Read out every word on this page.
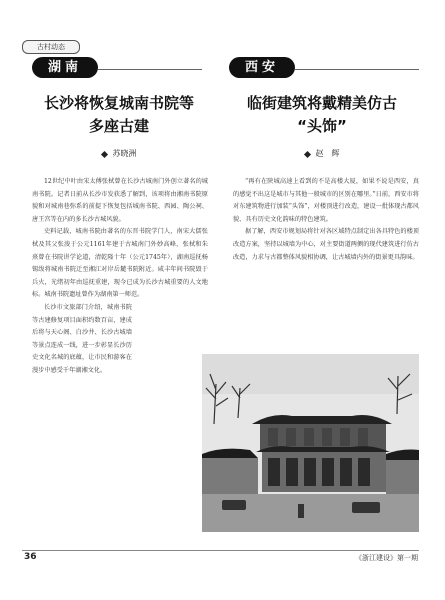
古村动态
湖南	西安
长沙将恢复城南书院等
多座古建
苏晓洲

12世纪中叶由宋太傅张栻曾在长沙古城南门外创立著名的城南书院。记者日前从长沙市发获悉了解到，该项将由湘南书院原貌和对城南巷弥系的前提下恢复包括城南书院、西园、陶公祠、唐王宫等在内的多长沙古城风貌。

史料记载，城南书院由著名的东晋书院学门人，南宋大儒张栻及其父张浚于公元1161年建于古城南门外妙高峰，张栻和朱熹曾在书院讲学论道，清乾隆十年（公元1745年），湖南巡抚杨锡绂将城南书院迁至湘江对岸岳麓书院附近。咸丰年间书院毁于兵火，光绪初年由巡抚重建，现今已成为长沙古城重要的人文地标。城南书院遗址曾作为湖南第一师范。

长沙市文旅部门介绍，城南书院等古建修复项目面积约数百亩，建成后将与天心阁、白沙井、长沙古城墙等景点连成一线，进一步彰显长沙历史文化名城的底蕴，让市民和游客在漫步中感受千年湖湘文化。

临街建筑将戴精美仿古
“头饰”
赵　辉

“再有在陕城高速上看到的不是高楼大厦，如果不说是西安，真的感觉不出这是城市与其他一般城市的区别在哪里。”日前，西安市将对东建筑物进行加装“头饰”，对楼顶进行改造，建设一批体现古都风貌、具有历史文化韵味的特色建筑。

据了解，西安市规划局将针对各区域特点制定出各具特色的楼顶改造方案，坚持以城墙为中心，对主要街道两侧的现代建筑进行仿古改造，力求与古都整体风貌相协调，让古城墙内外的街景更具韵味。

36	《浙江建设》第一期
